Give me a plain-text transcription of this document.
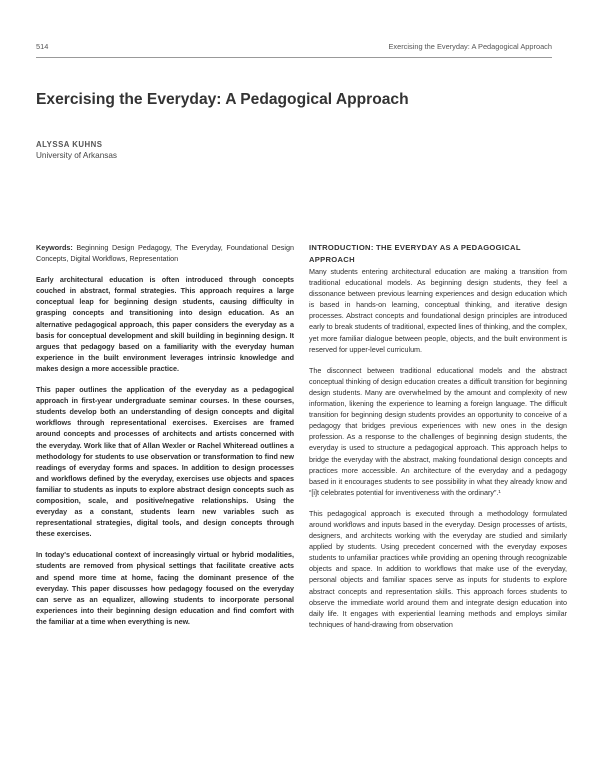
514	Exercising the Everyday: A Pedagogical Approach
Exercising the Everyday: A Pedagogical Approach

ALYSSA KUHNS

University of Arkansas

Keywords: Beginning Design Pedagogy, The Everyday, Foundational Design Concepts, Digital Workflows, Representation

Early architectural education is often introduced through concepts couched in abstract, formal strategies. This approach requires a large conceptual leap for beginning design students, causing difficulty in grasping concepts and transitioning into design education. As an alternative pedagogical approach, this paper considers the everyday as a basis for conceptual development and skill building in beginning design. It argues that pedagogy based on a familiarity with the everyday human experience in the built environment leverages intrinsic knowledge and makes design a more accessible practice.

This paper outlines the application of the everyday as a pedagogical approach in first-year undergraduate seminar courses. In these courses, students develop both an understanding of design concepts and digital workflows through representational exercises. Exercises are framed around concepts and processes of architects and artists concerned with the everyday. Work like that of Allan Wexler or Rachel Whiteread outlines a methodology for students to use observation or transformation to find new readings of everyday forms and spaces. In addition to design processes and workflows defined by the everyday, exercises use objects and spaces familiar to students as inputs to explore abstract design concepts such as composition, scale, and positive/negative relationships. Using the everyday as a constant, students learn new variables such as representational strategies, digital tools, and design concepts through these exercises.

In today's educational context of increasingly virtual or hybrid modalities, students are removed from physical settings that facilitate creative acts and spend more time at home, facing the dominant presence of the everyday. This paper discusses how pedagogy focused on the everyday can serve as an equalizer, allowing students to incorporate personal experiences into their beginning design education and find comfort with the familiar at a time when everything is new.

INTRODUCTION: THE EVERYDAY AS A PEDAGOGICAL APPROACH

Many students entering architectural education are making a transition from traditional educational models. As beginning design students, they feel a dissonance between previous learning experiences and design education which is based in hands-on learning, conceptual thinking, and iterative design processes. Abstract concepts and foundational design principles are introduced early to break students of traditional, expected lines of thinking, and the complex, yet more familiar dialogue between people, objects, and the built environment is reserved for upper-level curriculum.

The disconnect between traditional educational models and the abstract conceptual thinking of design education creates a difficult transition for beginning design students. Many are overwhelmed by the amount and complexity of new information, likening the experience to learning a foreign language. The difficult transition for beginning design students provides an opportunity to conceive of a pedagogy that bridges previous experiences with new ones in the design profession. As a response to the challenges of beginning design students, the everyday is used to structure a pedagogical approach. This approach helps to bridge the everyday with the abstract, making foundational design concepts and practices more accessible. An architecture of the everyday and a pedagogy based in it encourages students to see possibility in what they already know and “[i]t celebrates potential for inventiveness with the ordinary”.¹

This pedagogical approach is executed through a methodology formulated around workflows and inputs based in the everyday. Design processes of artists, designers, and architects working with the everyday are studied and similarly applied by students. Using precedent concerned with the everyday exposes students to unfamiliar practices while providing an opening through recognizable objects and space. In addition to workflows that make use of the everyday, personal objects and familiar spaces serve as inputs for students to explore abstract concepts and representation skills. This approach forces students to observe the immediate world around them and integrate design education into daily life. It engages with experiential learning methods and employs similar techniques of hand-drawing from observation
